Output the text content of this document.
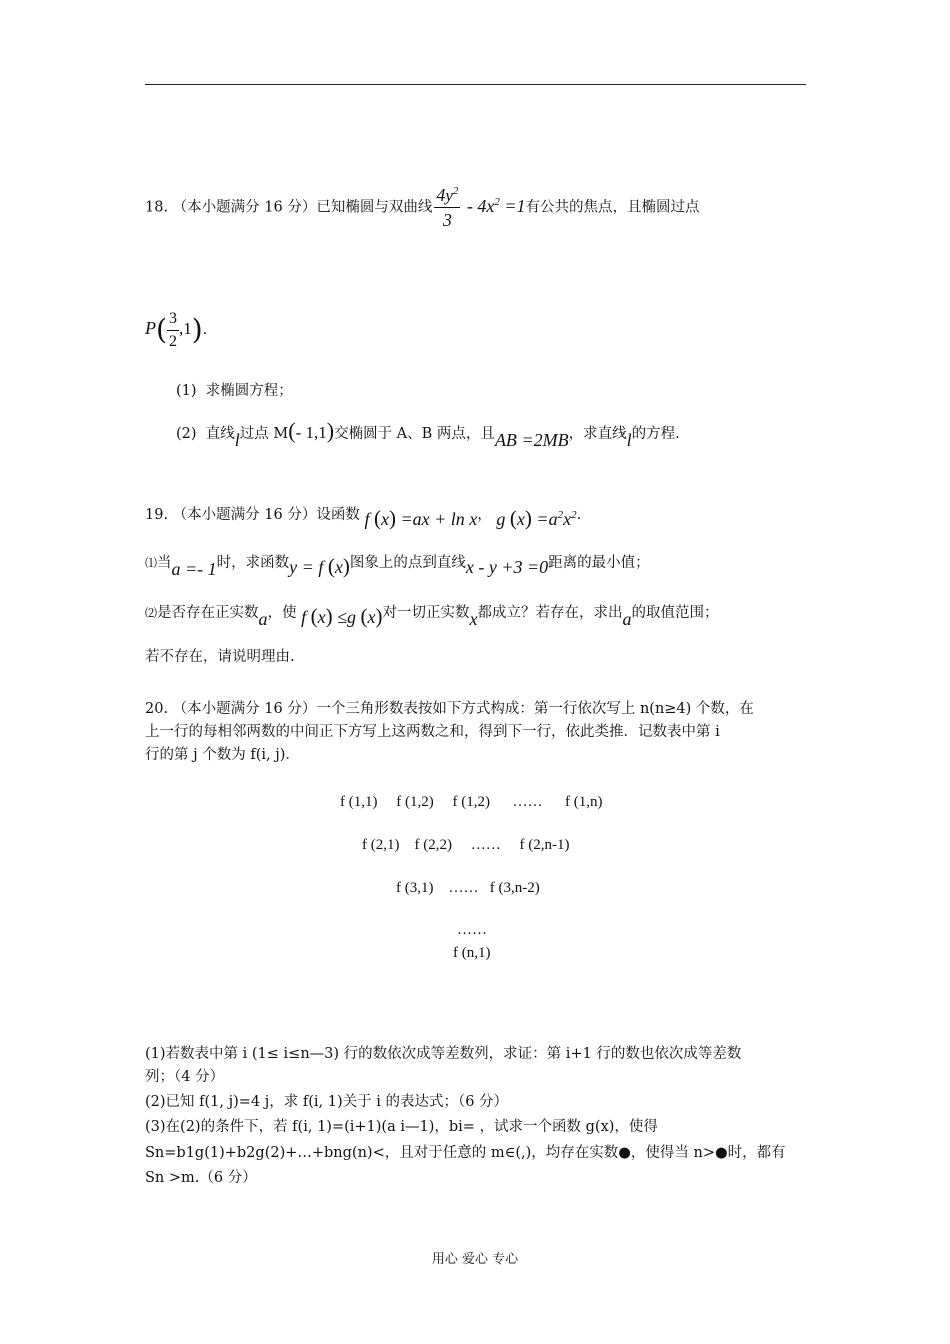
18. （本小题满分 16 分）已知椭圆与双曲线 $\frac{4y^2}{3} - 4x^2 =1$有公共的焦点，且椭圆过点
$P( \frac{3}{2} ,1)$.
(1) 求椭圆方程；
(2) 直线l过点 M(- 1,1)交椭圆于 A、B 两点，且AB =2MB，求直线l的方程.
19. （本小题满分 16 分）设函数 f (x) =ax + ln x， g $(x) =a^2x^2$.
⑴当a =- 1时，求函数y = f (x)图象上的点到直线x - y +3 =0距离的最小值；
⑵是否存在正实数a，使 f (x) ≤g (x)对一切正实数x都成立？若存在，求出a的取值范围；
若不存在，请说明理由.
20. （本小题满分 16 分）一个三角形数表按如下方式构成：第一行依次写上 n(n≥4) 个数，在
上一行的每相邻两数的中间正下方写上这两数之和，得到下一行，依此类推．记数表中第 i
行的第 j 个数为 f(i, j)．
f (1,1) f (1,2) f (1,2) …… f (1,n)
f (2,1) f (2,2) …… f (2,n-1)
f (3,1) …… f (3,n-2)
……
f (n,1)
(1)若数表中第 i (1≤ i≤n—3) 行的数依次成等差数列，求证：第 i+1 行的数也依次成等差数
列；（4 分）
(2)已知 f(1, j)=4 j，求 f(i, 1)关于 i 的表达式；（6 分）
(3)在(2)的条件下，若 f(i, 1)=(i+1)(a i—1)，bi= ，试求一个函数 g(x)，使得
Sn=b1g(1)+b2g(2)+…+bng(n)<，且对于任意的 m∈(,)，均存在实数●，使得当 n>●时，都有
Sn >m.（6 分）
用心 爱心 专心
